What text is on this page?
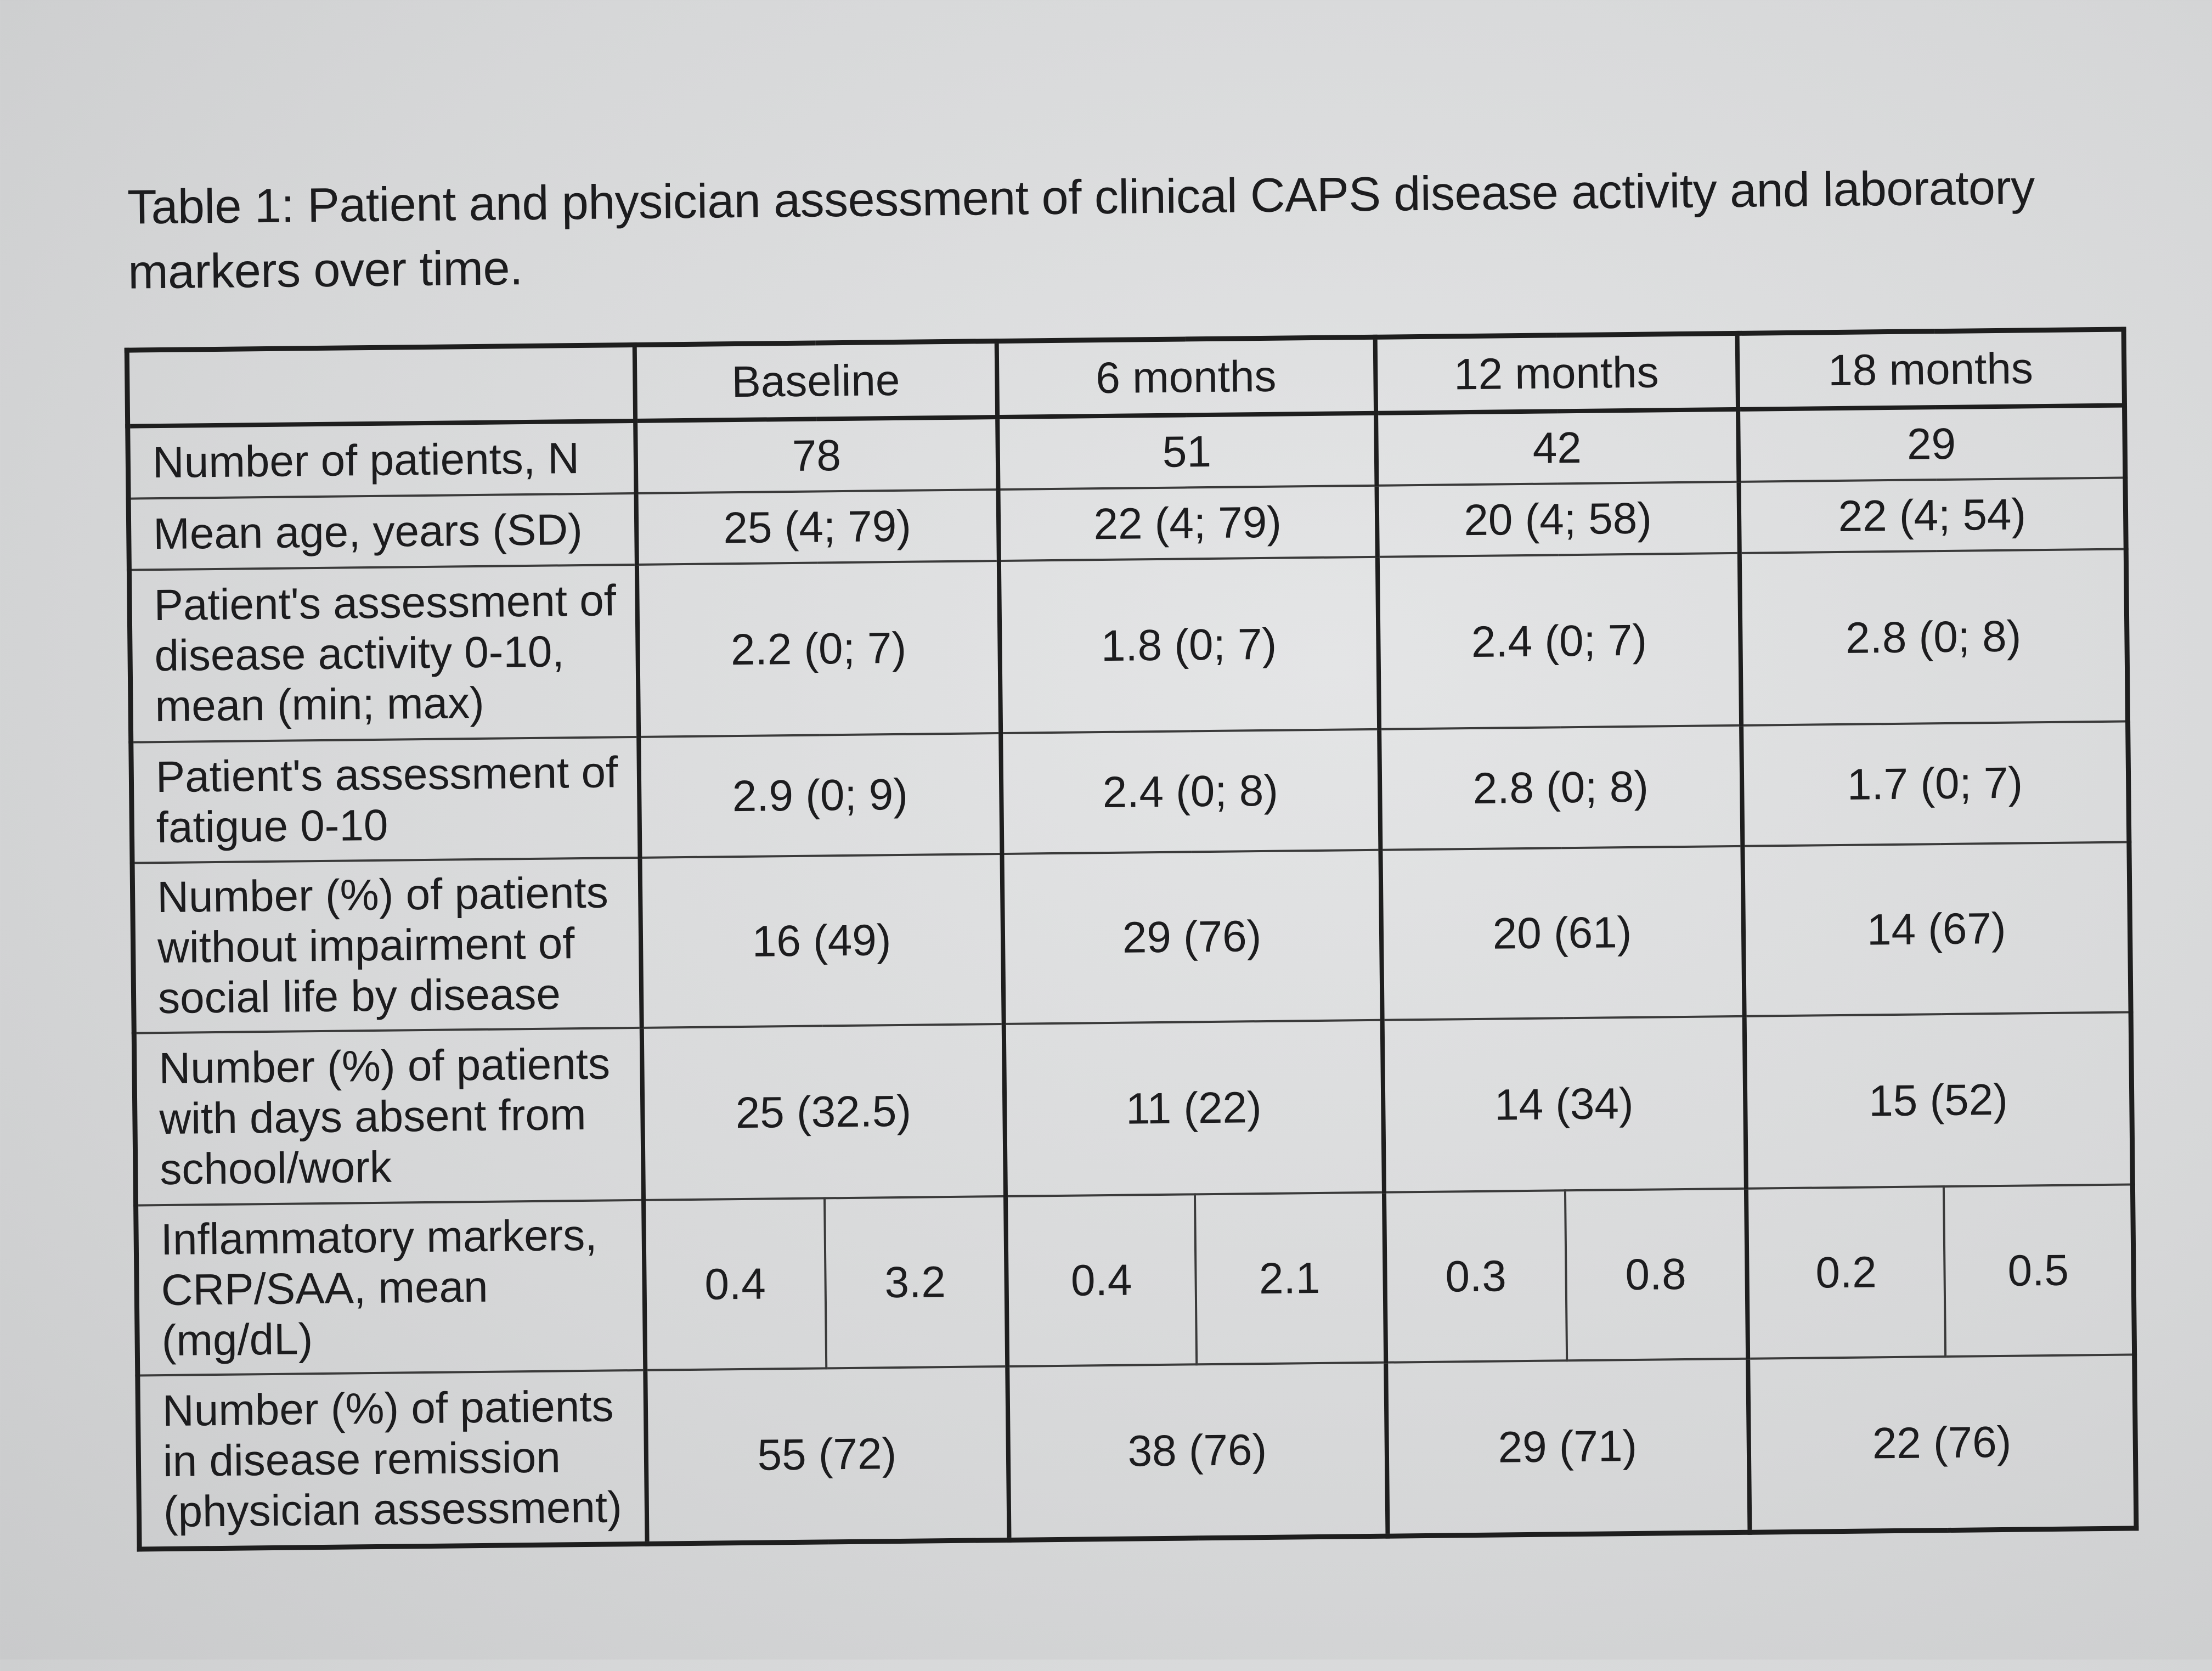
Table 1: Patient and physician assessment of clinical CAPS disease activity and laboratory markers over time.
	Baseline		6 months		12 months		18 months	
Number of patients, N	78		51		42		29	
Mean age, years (SD)	25 (4; 79)		22 (4; 79)		20 (4; 58)		22 (4; 54)	
Patient's assessment of disease activity 0-10, mean (min; max)	2.2 (0; 7)		1.8 (0; 7)		2.4 (0; 7)		2.8 (0; 8)	
Patient's assessment of fatigue 0-10	2.9 (0; 9)		2.4 (0; 8)		2.8 (0; 8)		1.7 (0; 7)	
Number (%) of patients without impairment of social life by disease	16 (49)		29 (76)		20 (61)		14 (67)	
Number (%) of patients with days absent from school/work	25 (32.5)		11 (22)		14 (34)		15 (52)	
Inflammatory markers, CRP/SAA, mean (mg/dL)	0.4	3.2	0.4	2.1	0.3	0.8	0.2	0.5
Number (%) of patients in disease remission (physician assessment)	55 (72)		38 (76)		29 (71)		22 (76)	
